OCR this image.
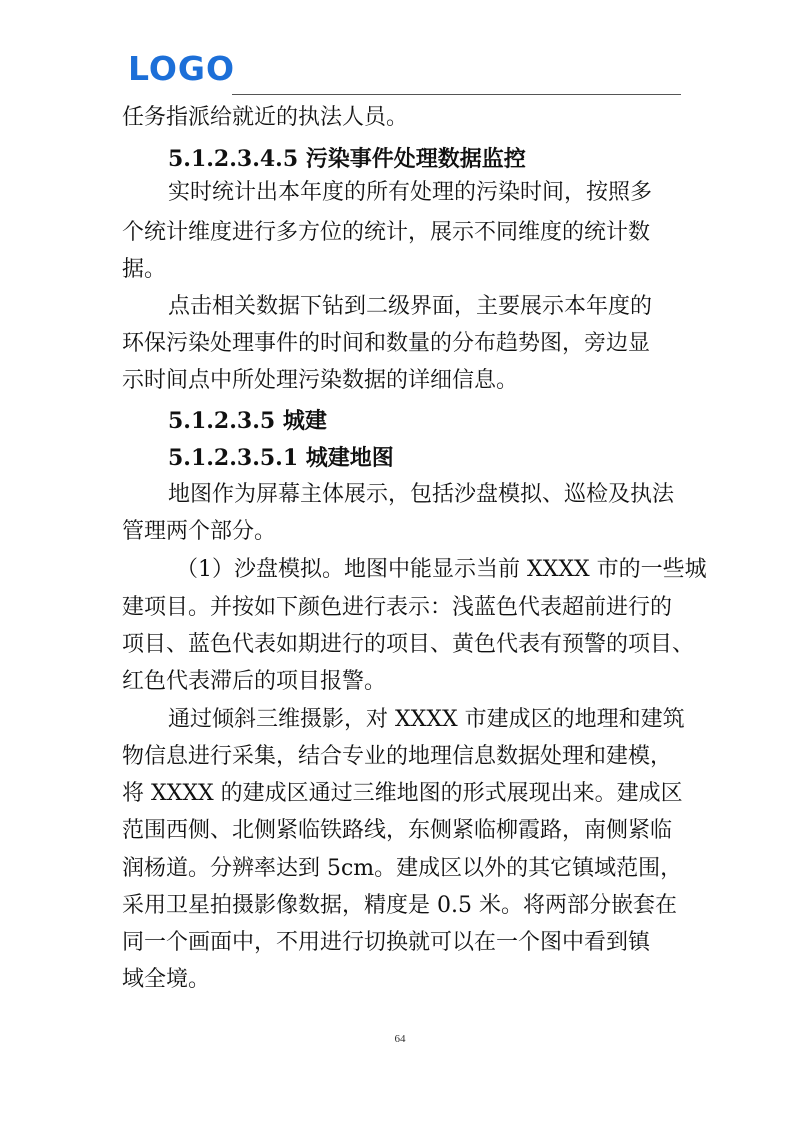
LOGO

任务指派给就近的执法人员。

5.1.2.3.4.5 污染事件处理数据监控

实时统计出本年度的所有处理的污染时间，按照多

个统计维度进行多方位的统计，展示不同维度的统计数

据。

点击相关数据下钻到二级界面，主要展示本年度的

环保污染处理事件的时间和数量的分布趋势图，旁边显

示时间点中所处理污染数据的详细信息。

5.1.2.3.5 城建

5.1.2.3.5.1 城建地图

地图作为屏幕主体展示，包括沙盘模拟、巡检及执法

管理两个部分。

（1）沙盘模拟。地图中能显示当前 XXXX 市的一些城

建项目。并按如下颜色进行表示：浅蓝色代表超前进行的

项目、蓝色代表如期进行的项目、黄色代表有预警的项目、

红色代表滞后的项目报警。

通过倾斜三维摄影，对 XXXX 市建成区的地理和建筑

物信息进行采集，结合专业的地理信息数据处理和建模，

将 XXXX 的建成区通过三维地图的形式展现出来。建成区

范围西侧、北侧紧临铁路线，东侧紧临柳霞路，南侧紧临

润杨道。分辨率达到 5cm。建成区以外的其它镇域范围，

采用卫星拍摄影像数据，精度是 0.5 米。将两部分嵌套在

同一个画面中，不用进行切换就可以在一个图中看到镇

域全境。

64
